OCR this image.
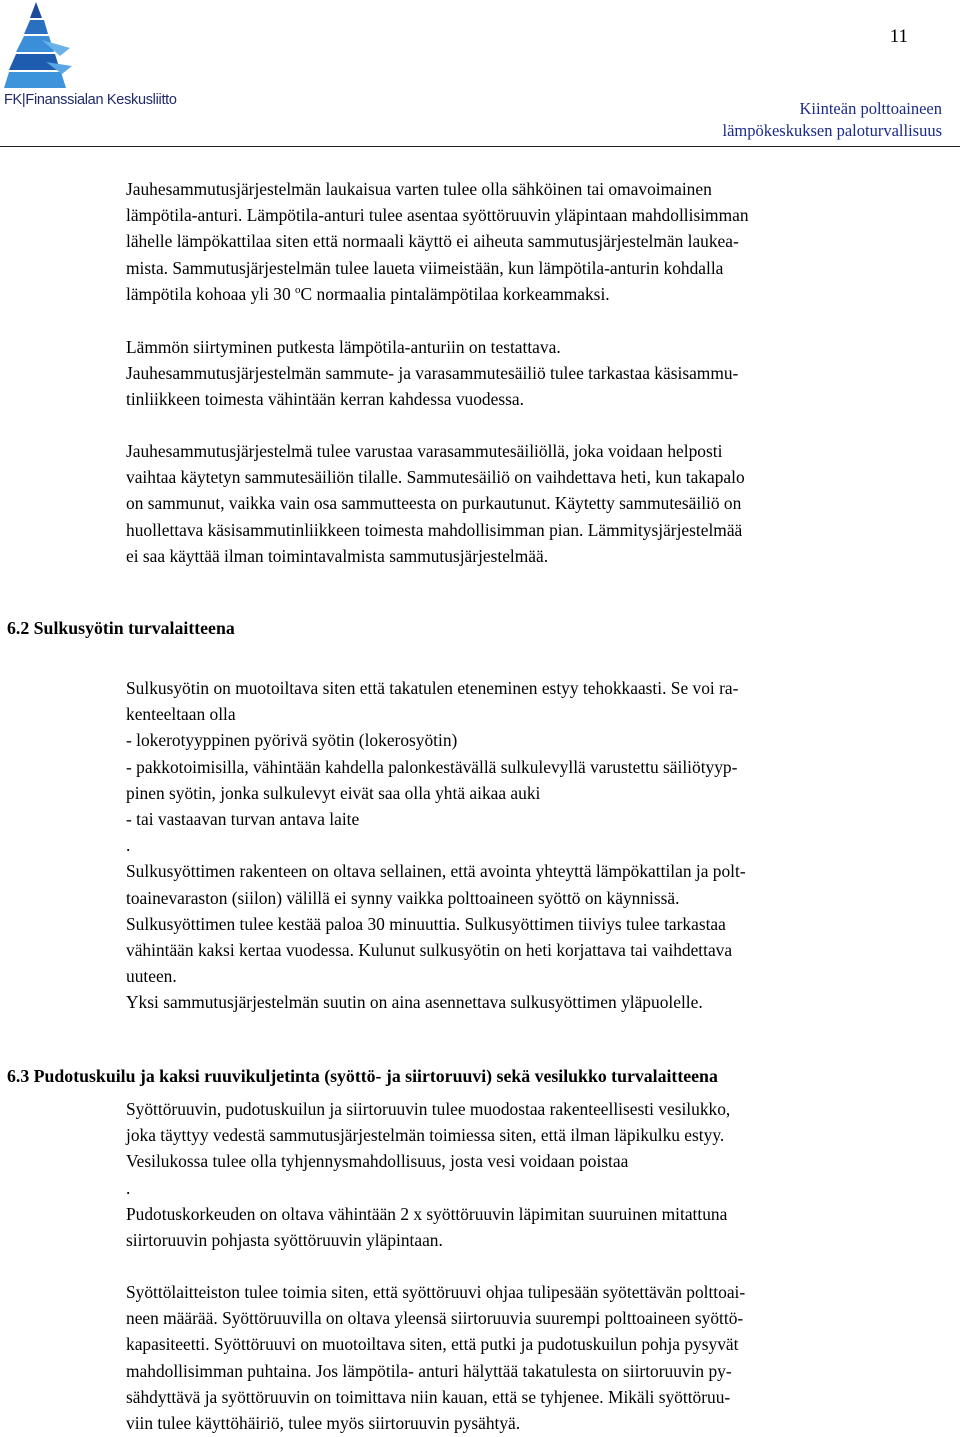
FK|Finanssialan Keskusliitto
11
Kiinteän polttoaineen
lämpökeskuksen paloturvallisuus

Jauhesammutusjärjestelmän laukaisua varten tulee olla sähköinen tai omavoimainen
lämpötila-anturi. Lämpötila-anturi tulee asentaa syöttöruuvin yläpintaan mahdollisimman
lähelle lämpökattilaa siten että normaali käyttö ei aiheuta sammutusjärjestelmän laukea-
mista. Sammutusjärjestelmän tulee laueta viimeistään, kun lämpötila-anturin kohdalla
lämpötila kohoaa yli 30 $^o$C normaalia pintalämpötilaa korkeammaksi.

Lämmön siirtyminen putkesta lämpötila-anturiin on testattava.
Jauhesammutusjärjestelmän sammute- ja varasammutesäiliö tulee tarkastaa käsisammu-
tinliikkeen toimesta vähintään kerran kahdessa vuodessa.

Jauhesammutusjärjestelmä tulee varustaa varasammutesäiliöllä, joka voidaan helposti
vaihtaa käytetyn sammutesäiliön tilalle. Sammutesäiliö on vaihdettava heti, kun takapalo
on sammunut, vaikka vain osa sammutteesta on purkautunut. Käytetty sammutesäiliö on
huollettava käsisammutinliikkeen toimesta mahdollisimman pian. Lämmitysjärjestelmää
ei saa käyttää ilman toimintavalmista sammutusjärjestelmää.

6.2 Sulkusyötin turvalaitteena

Sulkusyötin on muotoiltava siten että takatulen eteneminen estyy tehokkaasti. Se voi ra-
kenteeltaan olla
- lokerotyyppinen pyörivä syötin (lokerosyötin)
- pakkotoimisilla, vähintään kahdella palonkestävällä sulkulevyllä varustettu säiliötyyp-
pinen syötin, jonka sulkulevyt eivät saa olla yhtä aikaa auki
- tai vastaavan turvan antava laite
.
Sulkusyöttimen rakenteen on oltava sellainen, että avointa yhteyttä lämpökattilan ja polt-
toainevaraston (siilon) välillä ei synny vaikka polttoaineen syöttö on käynnissä.
Sulkusyöttimen tulee kestää paloa 30 minuuttia. Sulkusyöttimen tiiviys tulee tarkastaa
vähintään kaksi kertaa vuodessa. Kulunut sulkusyötin on heti korjattava tai vaihdettava
uuteen.
Yksi sammutusjärjestelmän suutin on aina asennettava sulkusyöttimen yläpuolelle.

6.3 Pudotuskuilu ja kaksi ruuvikuljetinta (syöttö- ja siirtoruuvi) sekä vesilukko turvalaitteena

Syöttöruuvin, pudotuskuilun ja siirtoruuvin tulee muodostaa rakenteellisesti vesilukko,
joka täyttyy vedestä sammutusjärjestelmän toimiessa siten, että ilman läpikulku estyy.
Vesilukossa tulee olla tyhjennysmahdollisuus, josta vesi voidaan poistaa
.
Pudotuskorkeuden on oltava vähintään 2 x syöttöruuvin läpimitan suuruinen mitattuna
siirtoruuvin pohjasta syöttöruuvin yläpintaan.

Syöttölaitteiston tulee toimia siten, että syöttöruuvi ohjaa tulipesään syötettävän polttoai-
neen määrää. Syöttöruuvilla on oltava yleensä siirtoruuvia suurempi polttoaineen syöttö-
kapasiteetti. Syöttöruuvi on muotoiltava siten, että putki ja pudotuskuilun pohja pysyvät
mahdollisimman puhtaina. Jos lämpötila- anturi hälyttää takatulesta on siirtoruuvin py-
sähdyttävä ja syöttöruuvin on toimittava niin kauan, että se tyhjenee. Mikäli syöttöruu-
viin tulee käyttöhäiriö, tulee myös siirtoruuvin pysähtyä.
